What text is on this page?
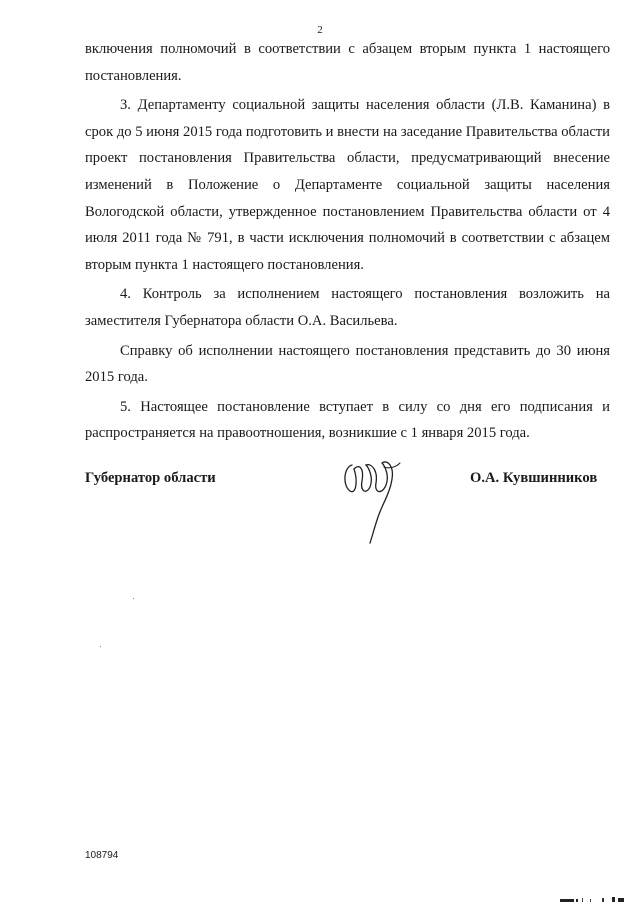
2

включения полномочий в соответствии с абзацем вторым пункта 1 настоящего постановления.

3. Департаменту социальной защиты населения области (Л.В. Каманина) в срок до 5 июня 2015 года подготовить и внести на заседание Правительства области проект постановления Правительства области, предусматривающий внесение изменений в Положение о Департаменте социальной защиты населения Вологодской области, утвержденное постановлением Правительства области от 4 июля 2011 года № 791, в части исключения полномочий в соответствии с абзацем вторым пункта 1 настоящего постановления.

4. Контроль за исполнением настоящего постановления возложить на заместителя Губернатора области О.А. Васильева.

Справку об исполнении настоящего постановления представить до 30 июня 2015 года.

5. Настоящее постановление вступает в силу со дня его подписания и распространяется на правоотношения, возникшие с 1 января 2015 года.

Губернатор области	О.А. Кувшинников
108794
